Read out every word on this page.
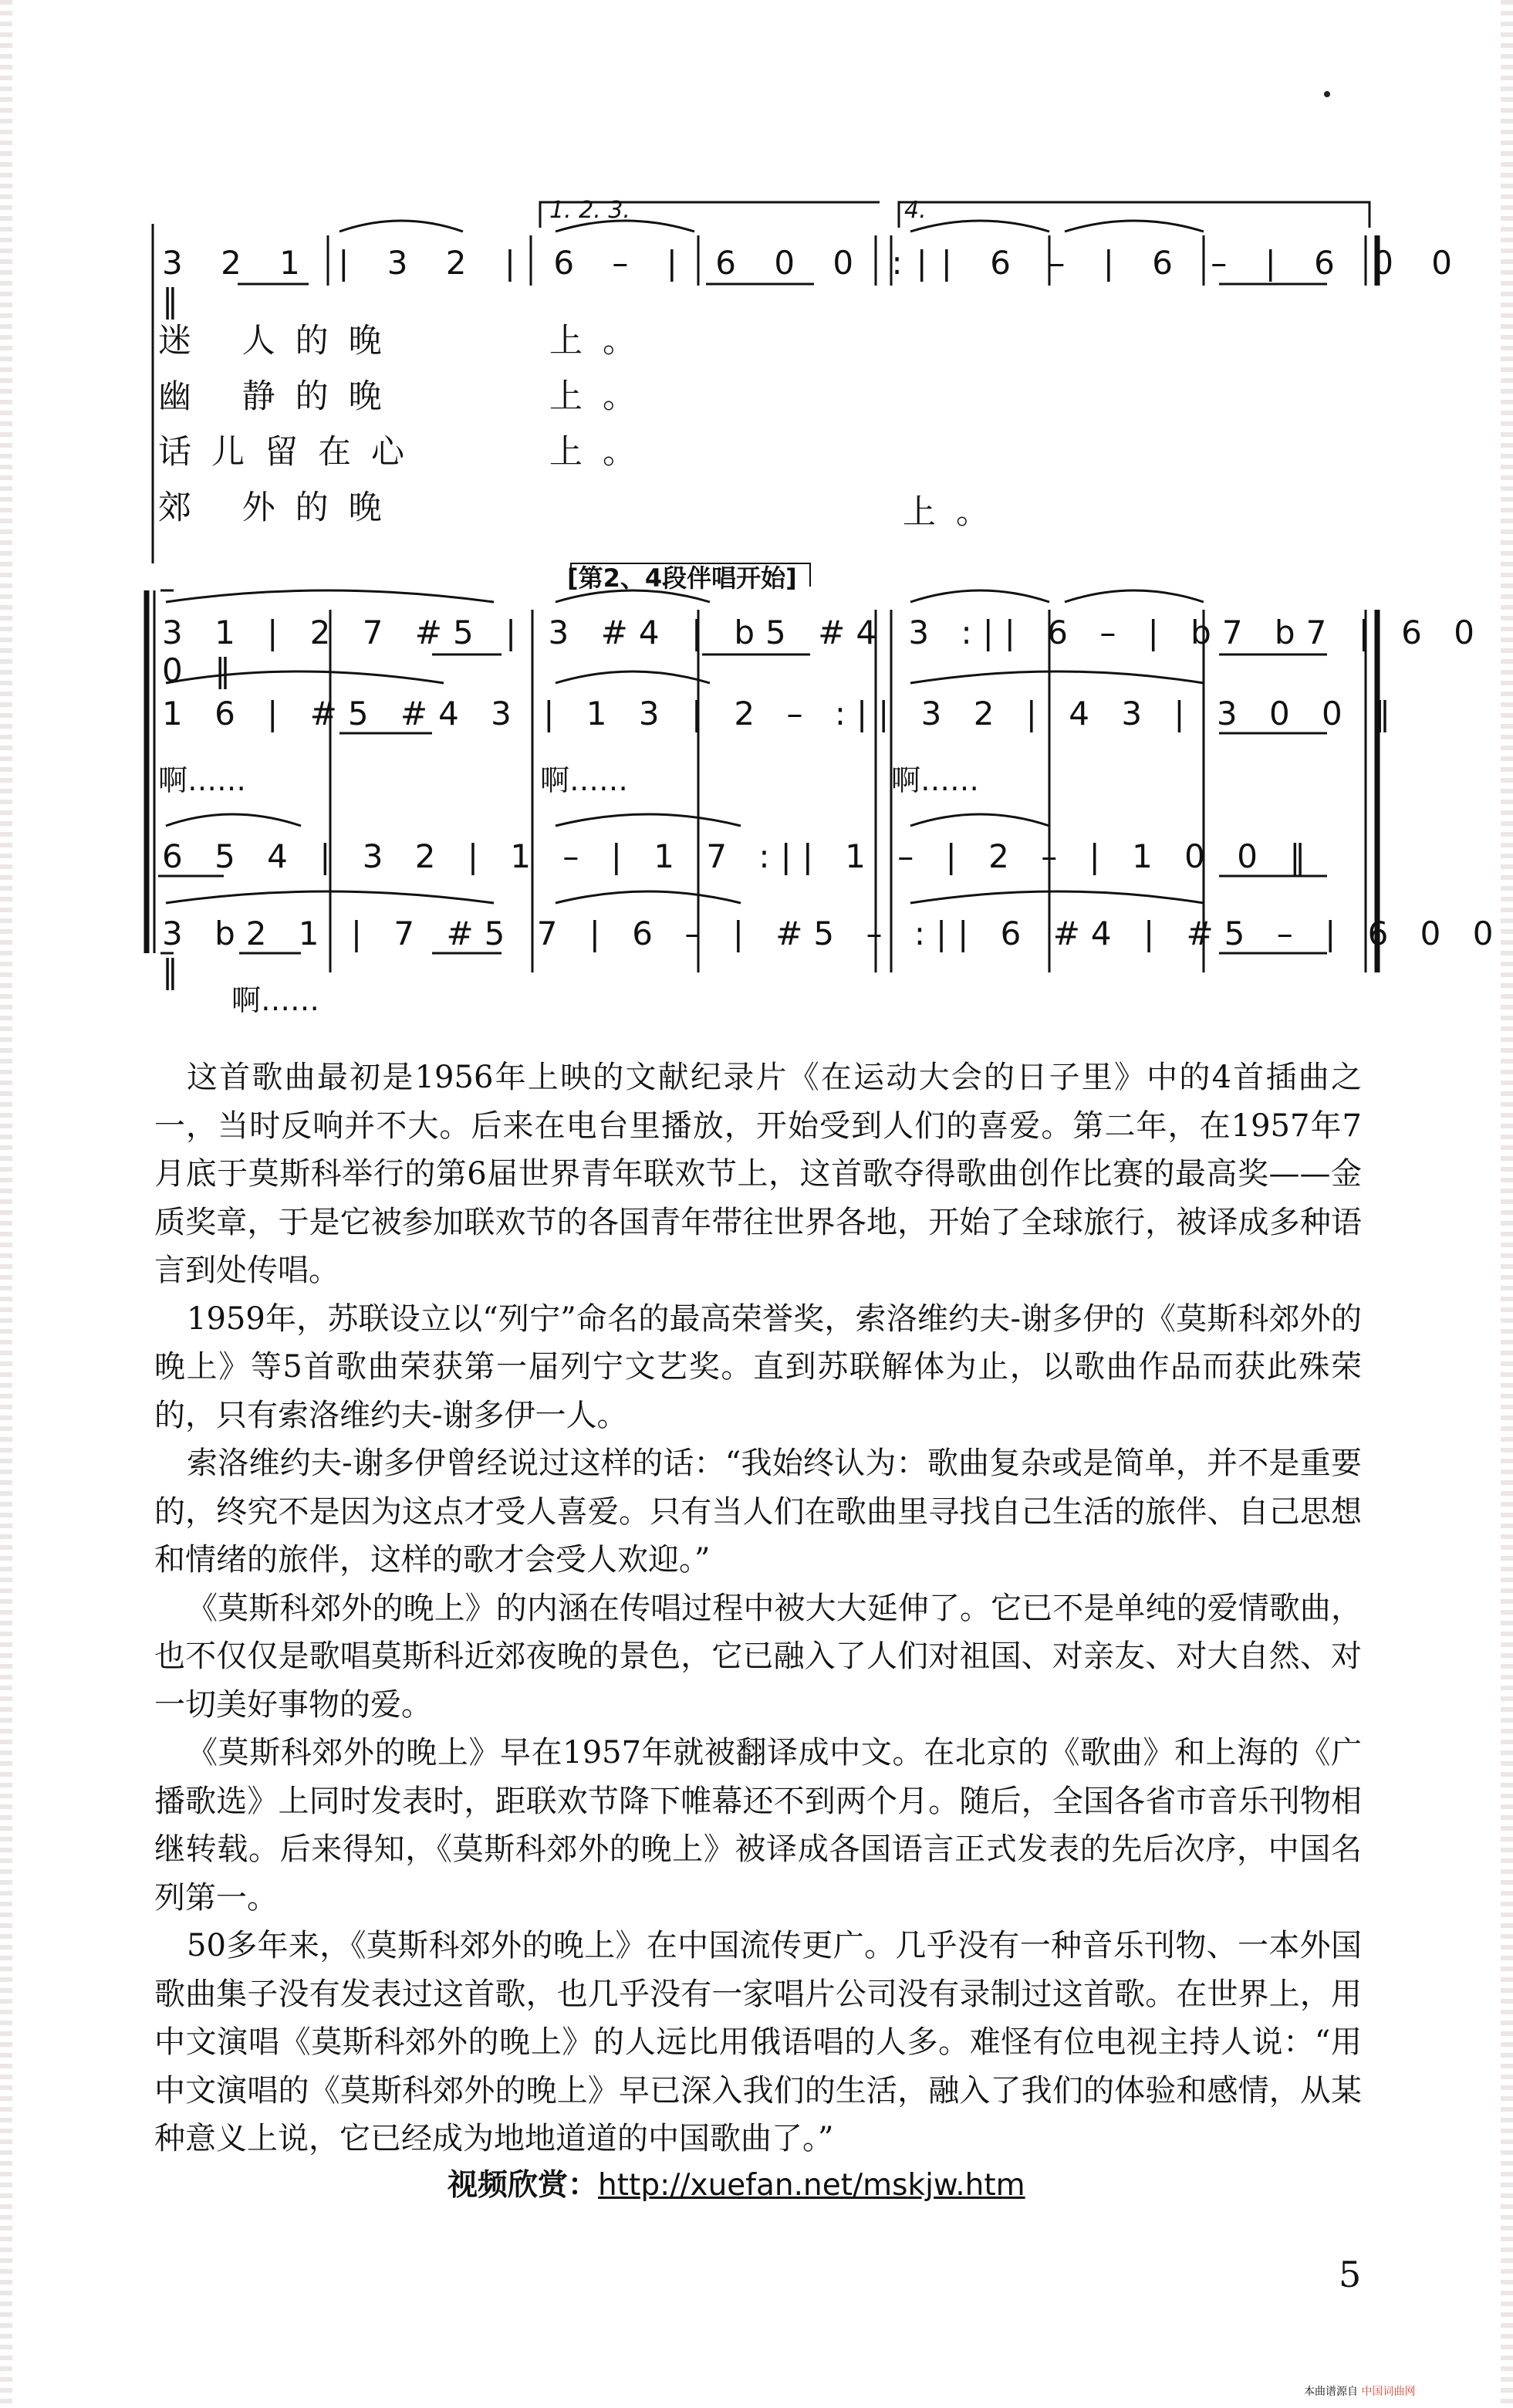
3 2 1 | 3 2 | 6 – | 6 0 0 :|| 6 – | 6 – | 6 0 0 ‖
1. 2. 3.	4.
迷 人的晚
幽 静的晚
话儿留在心
郊 外的晚
上。
上。
上。
上。
[第2、4段伴唱开始]
3 1 | 2 7 #5 | 3 #4 | b5 #4 3 :|| 6 – | b7 b7 | 6 0 0 ‖
1 6 | #5 #4 3 | 1 3 | 2 – :|| 3 2 | 4 3 | 3 0 0 ‖
啊……	啊……	啊……
6 5 4 | 3 2 | 1 – | 1 7 :|| 1 – | 2 – | 1 0 0 ‖
3 b2 1 | 7 #5 7 | 6 – | #5 – :|| 6 #4 | #5 – | 6 0 0 ‖
啊……

这首歌曲最初是1956年上映的文献纪录片《在运动大会的日子里》中的4首插曲之一，当时反响并不大。后来在电台里播放，开始受到人们的喜爱。第二年，在1957年7月底于莫斯科举行的第6届世界青年联欢节上，这首歌夺得歌曲创作比赛的最高奖——金质奖章，于是它被参加联欢节的各国青年带往世界各地，开始了全球旅行，被译成多种语言到处传唱。

1959年，苏联设立以“列宁”命名的最高荣誉奖，索洛维约夫-谢多伊的《莫斯科郊外的晚上》等5首歌曲荣获第一届列宁文艺奖。直到苏联解体为止，以歌曲作品而获此殊荣的，只有索洛维约夫-谢多伊一人。

索洛维约夫-谢多伊曾经说过这样的话：“我始终认为：歌曲复杂或是简单，并不是重要的，终究不是因为这点才受人喜爱。只有当人们在歌曲里寻找自己生活的旅伴、自己思想和情绪的旅伴，这样的歌才会受人欢迎。”

《莫斯科郊外的晚上》的内涵在传唱过程中被大大延伸了。它已不是单纯的爱情歌曲，也不仅仅是歌唱莫斯科近郊夜晚的景色，它已融入了人们对祖国、对亲友、对大自然、对一切美好事物的爱。

《莫斯科郊外的晚上》早在1957年就被翻译成中文。在北京的《歌曲》和上海的《广播歌选》上同时发表时，距联欢节降下帷幕还不到两个月。随后，全国各省市音乐刊物相继转载。后来得知，《莫斯科郊外的晚上》被译成各国语言正式发表的先后次序，中国名列第一。

50多年来，《莫斯科郊外的晚上》在中国流传更广。几乎没有一种音乐刊物、一本外国歌曲集子没有发表过这首歌，也几乎没有一家唱片公司没有录制过这首歌。在世界上，用中文演唱《莫斯科郊外的晚上》的人远比用俄语唱的人多。难怪有位电视主持人说：“用中文演唱的《莫斯科郊外的晚上》早已深入我们的生活，融入了我们的体验和感情，从某种意义上说，它已经成为地地道道的中国歌曲了。”

视频欣赏：http://xuefan.net/mskjw.htm
5
本曲谱源自 中国词曲网
